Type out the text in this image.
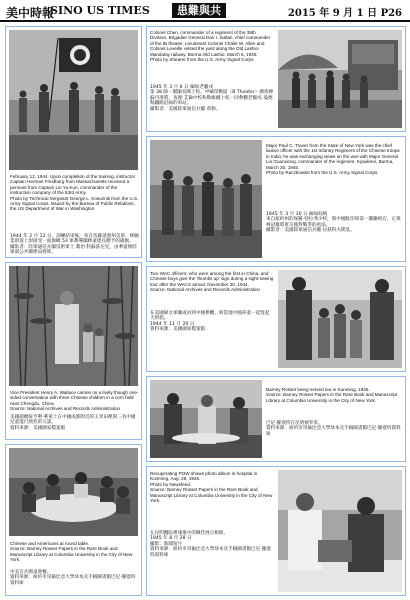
美中時報
SINO US TIMES	患難與共	2015 年 9 月 1 日 P26
February 12, 1944. Upon completion of the training, instructor Captain Herman Freidburg from Massachusetts received a pennant from Captain Lin Yu Kun, commander of the instruction company of the 53rd Army.
Photo by Technical Sergeant George L. Kosuznik from the U.S. Army Signal Corps. Issued by the Bureau of Public Relations, the US Department of War in Washington
1944 年 2 月 12 日，訓練結束後，來自馬薩諸塞州美軍，林駿業尉從上尉接受一面旗幟 53 軍教導團林遠連長贈予的錦旗。
攝影者：陸軍通信兵團技術軍士 喬治·科蘇茲尼克，由華盛頓陸軍部公共關係局發佈。
Colonel Chen, commander of a regiment of the 38th Division, Brigadier General Dan I. Sultan, chief commander of the IB theater, Lieutenant Colonel Chalie W. Allen and Colonel Leveille visited the yard along the Old Lashio-Mandalay railway. Burma Old Lashio, March 6, 1945.
Photo by Shearer from the U.S. Army Signal Corps.
1945 年 3 月 6 日 緬甸老臘戍
第 38 師一個團長陳上校、中緬印戰區（B Theater）總指揮蘇丹准將、查理·艾倫中校和勒維爾上校一同參觀老臘戍-曼德勒鐵路沿線的車站。
攝影者：美國陸軍通信兵團 希勒。
Major Paul C. Traver from the State of New York was the chief liaison officer with the 1st Infantry Regiment of the Chinese troops in India; he was exchanging views on the war with Major General Lin Guanxiong, commander of the regiment. Kyaukme, Burma, March 30, 1945.
Photo by Raczkowski from the U.S. Army Signal Corps.
1945 年 3 月 30 日 緬甸皎梅
來自紐約州的保羅·特拉弗少校，與中國駐印軍第一團聯絡官，正與林冠雄將軍交換對戰爭的看法。
攝影者：美國陸軍通信兵團 拉茲科夫斯基。
Vice President Henry A. Wallace carries on a lively though one-sided conversation with three Chinese children in a corn field near Chengdu, China.
Source: National Archives and Records Administration
美國副總統亨利·華萊士在中國成都附近的玉米田裡與三名中國兒童進行熱烈的交談。
資料來源：美國國家檔案館
Two WAC officers, who were among the first in China, and Chinese boys give the 'thumbs up' sign during a sight-seeing tour after the WACS arrival, November 20, 1944.
Source: National Archives and Records Administration
在美國婦女軍團成員到中國參觀，與當地中國孩童一起豎起大拇指。
1944 年 11 月 20 日
資料來源：美國國家檔案館
Barney Rosset being served tea in Kunming, 1945.
Source: Barney Rosset Papers in the Rare Book and Manuscript Library at Columbia University in the City of New York.
巴尼·羅塞特在昆明被奉茶。
資料來源：紐約市哥倫比亞大學珍本及手稿圖書館巴尼·羅塞特資料庫
Chinese and Americans at round table.
Source: Barney Rosset Papers in the Rare Book and Manuscript Library at Columbia University in the City of New York.
中美官兵圍桌會餐。
資料來源：紐約市哥倫比亞大學珍本及手稿圖書館巴尼·羅塞特資料庫
Recuperating POW shows photo album in hospital in Kunming, Aug. 28, 1945.
Photo by Newsfeed.
Source: Barney Rosset Papers in the Rare Book and Manuscript Library at Columbia University in the City of New York.
在昆明醫院裡康復中的戰俘展示相冊。
1945 年 8 月 28 日
攝影：新聞短片
資料來源：紐約市哥倫比亞大學珍本及手稿圖書館巴尼·羅塞特資料庫
